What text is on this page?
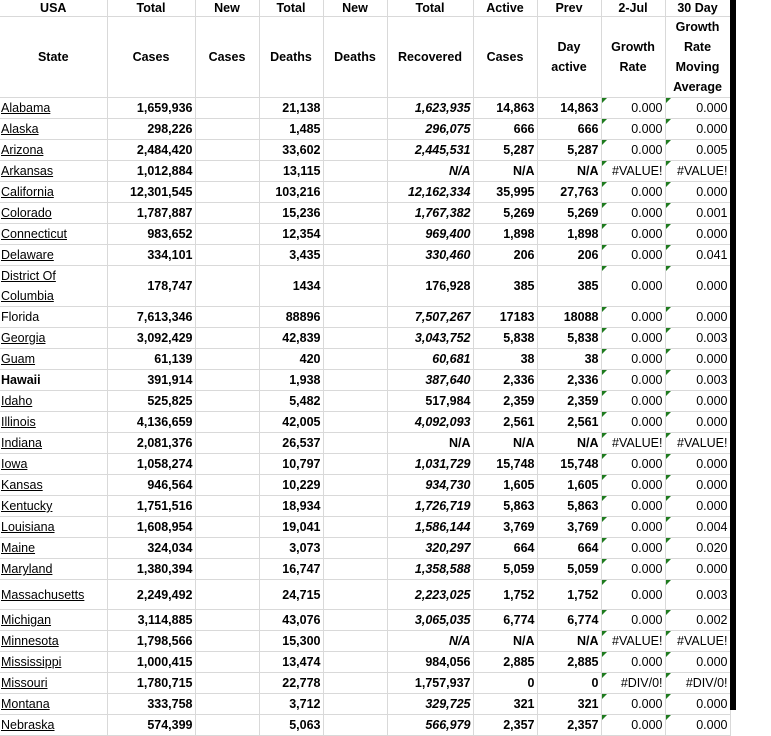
USA	Total	New	Total	New	Total	Active	Prev	2-Jul	30 Day
State	Cases	Cases	Deaths	Deaths	Recovered	Cases	Day active	Growth Rate	Growth Rate Moving Average
Alabama	1,659,936		21,138		1,623,935	14,863	14,863	0.000	0.000
Alaska	298,226		1,485		296,075	666	666	0.000	0.000
Arizona	2,484,420		33,602		2,445,531	5,287	5,287	0.000	0.005
Arkansas	1,012,884		13,115		N/A	N/A	N/A	#VALUE!	#VALUE!
California	12,301,545		103,216		12,162,334	35,995	27,763	0.000	0.000
Colorado	1,787,887		15,236		1,767,382	5,269	5,269	0.000	0.001
Connecticut	983,652		12,354		969,400	1,898	1,898	0.000	0.000
Delaware	334,101		3,435		330,460	206	206	0.000	0.041
District Of Columbia	178,747		1434		176,928	385	385	0.000	0.000
Florida	7,613,346		88896		7,507,267	17183	18088	0.000	0.000
Georgia	3,092,429		42,839		3,043,752	5,838	5,838	0.000	0.003
Guam	61,139		420		60,681	38	38	0.000	0.000
Hawaii	391,914		1,938		387,640	2,336	2,336	0.000	0.003
Idaho	525,825		5,482		517,984	2,359	2,359	0.000	0.000
Illinois	4,136,659		42,005		4,092,093	2,561	2,561	0.000	0.000
Indiana	2,081,376		26,537		N/A	N/A	N/A	#VALUE!	#VALUE!
Iowa	1,058,274		10,797		1,031,729	15,748	15,748	0.000	0.000
Kansas	946,564		10,229		934,730	1,605	1,605	0.000	0.000
Kentucky	1,751,516		18,934		1,726,719	5,863	5,863	0.000	0.000
Louisiana	1,608,954		19,041		1,586,144	3,769	3,769	0.000	0.004
Maine	324,034		3,073		320,297	664	664	0.000	0.020
Maryland	1,380,394		16,747		1,358,588	5,059	5,059	0.000	0.000
Massachusetts	2,249,492		24,715		2,223,025	1,752	1,752	0.000	0.003
Michigan	3,114,885		43,076		3,065,035	6,774	6,774	0.000	0.002
Minnesota	1,798,566		15,300		N/A	N/A	N/A	#VALUE!	#VALUE!
Mississippi	1,000,415		13,474		984,056	2,885	2,885	0.000	0.000
Missouri	1,780,715		22,778		1,757,937	0	0	#DIV/0!	#DIV/0!
Montana	333,758		3,712		329,725	321	321	0.000	0.000
Nebraska	574,399		5,063		566,979	2,357	2,357	0.000	0.000
